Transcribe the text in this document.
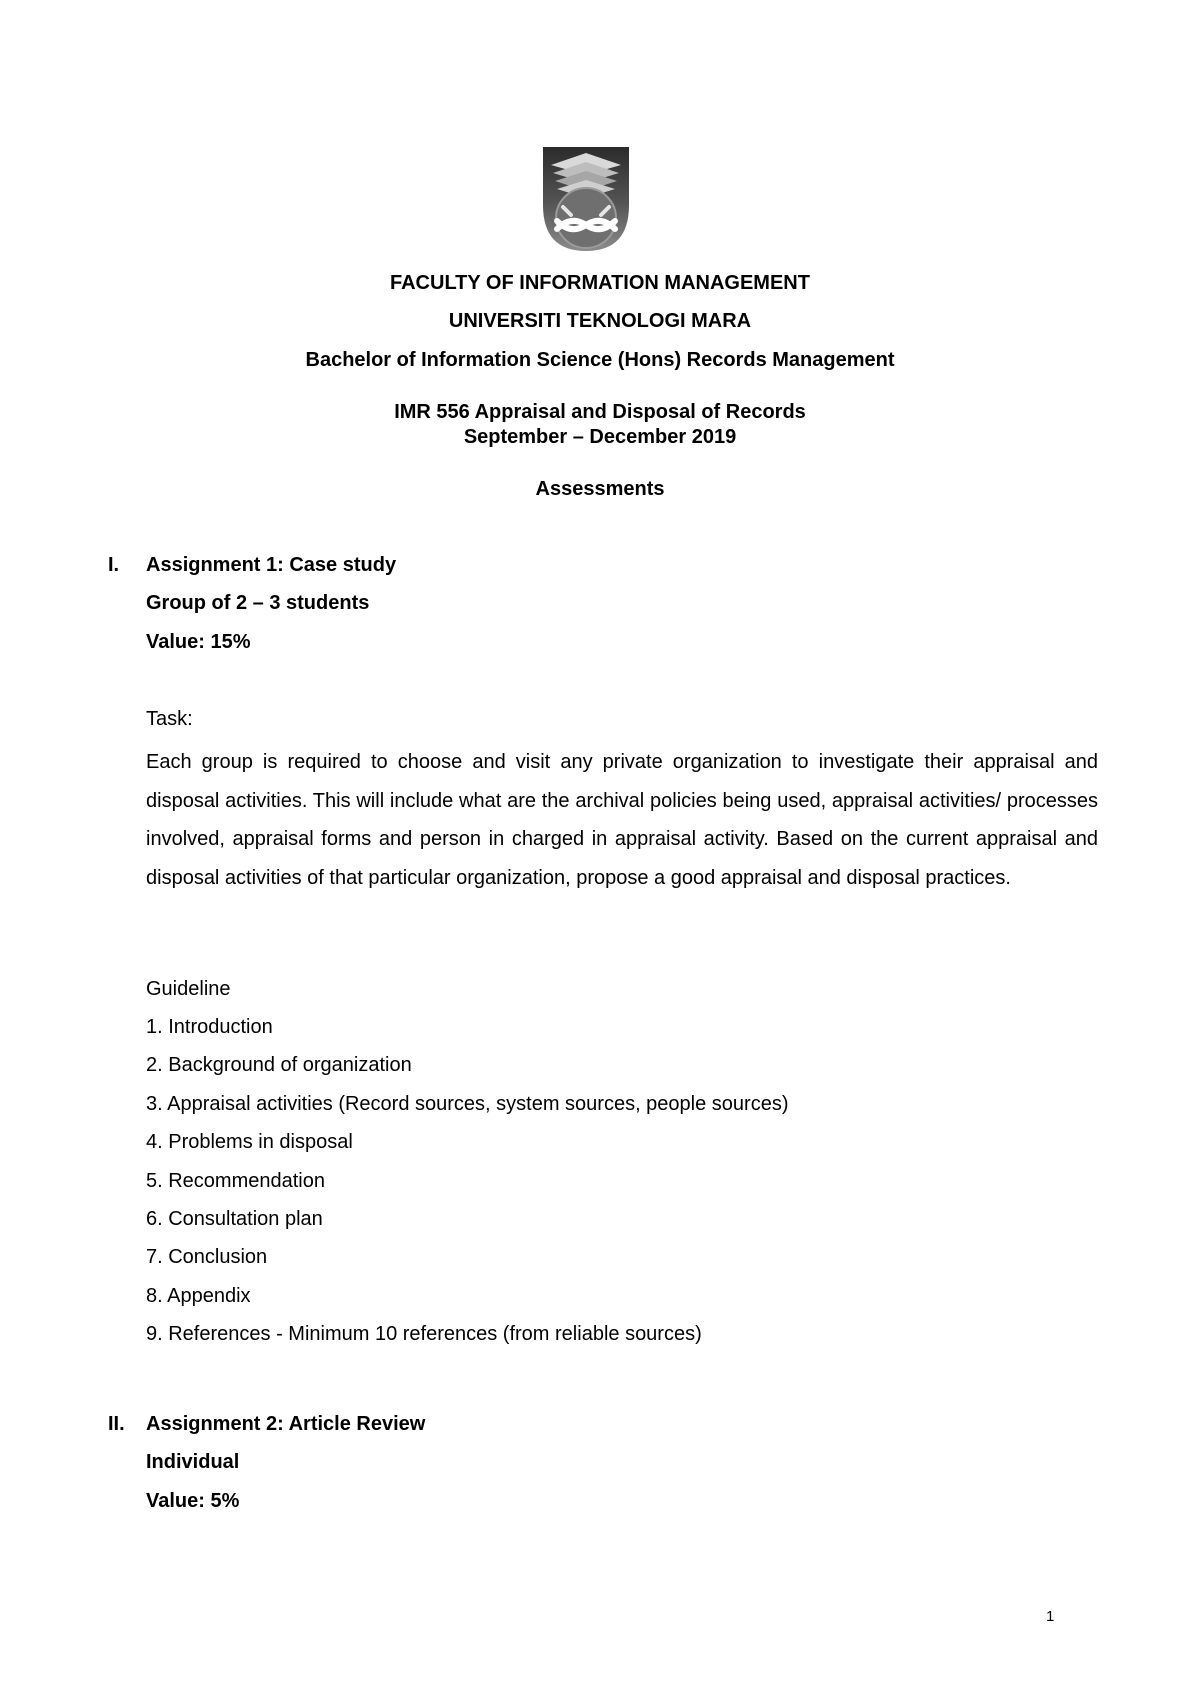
FACULTY OF INFORMATION MANAGEMENT
UNIVERSITI TEKNOLOGI MARA
Bachelor of Information Science (Hons) Records Management
IMR 556 Appraisal and Disposal of Records
September – December 2019
Assessments
I. Assignment 1: Case study
Group of 2 – 3 students
Value: 15%
Task:
Each group is required to choose and visit any private organization to investigate their appraisal and disposal activities. This will include what are the archival policies being used, appraisal activities/ processes involved, appraisal forms and person in charged in appraisal activity. Based on the current appraisal and disposal activities of that particular organization, propose a good appraisal and disposal practices.
Guideline
1. Introduction
2. Background of organization
3. Appraisal activities (Record sources, system sources, people sources)
4. Problems in disposal
5. Recommendation
6. Consultation plan
7. Conclusion
8. Appendix
9. References - Minimum 10 references (from reliable sources)
II. Assignment 2: Article Review
Individual
Value: 5%
1
